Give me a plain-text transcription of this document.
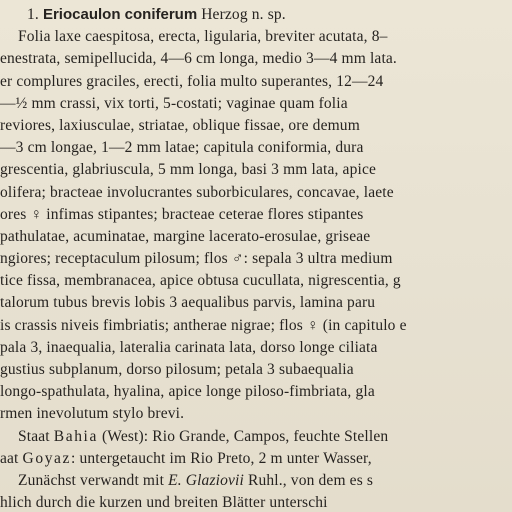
1. Eriocaulon coniferum Herzog n. sp.
Folia laxe caespitosa, erecta, ligularia, breviter acutata, 8–
enestrata, semipellucida, 4—6 cm longa, medio 3—4 mm lata.
er complures graciles, erecti, folia multo superantes, 12—24
—½ mm crassi, vix torti, 5-costati; vaginae quam folia
reviores, laxiusculae, striatae, oblique fissae, ore demum
—3 cm longae, 1—2 mm latae; capitula coniformia, dura
grescentia, glabriuscula, 5 mm longa, basi 3 mm lata, apice
olifera; bracteae involucrantes suborbiculares, concavae, laete
ores ♀ infimas stipantes; bracteae ceterae flores stipantes
pathulatae, acuminatae, margine lacerato-erosulae, griseae
ngiores; receptaculum pilosum; flos ♂: sepala 3 ultra medium
tice fissa, membranacea, apice obtusa cucullata, nigrescentia, g
talorum tubus brevis lobis 3 aequalibus parvis, lamina paru
is crassis niveis fimbriatis; antherae nigrae; flos ♀ (in capitulo e
pala 3, inaequalia, lateralia carinata lata, dorso longe ciliata
gustius subplanum, dorso pilosum; petala 3 subaequalia
longo-spathulata, hyalina, apice longe piloso-fimbriata, gla
rmen inevolutum stylo brevi.
Staat Bahia (West): Rio Grande, Campos, feuchte Stellen
aat Goyaz: untergetaucht im Rio Preto, 2 m unter Wasser,
Zunächst verwandt mit E. Glaziovii Ruhl., von dem es s
hlich durch die kurzen und breiten Blätter unterschi
